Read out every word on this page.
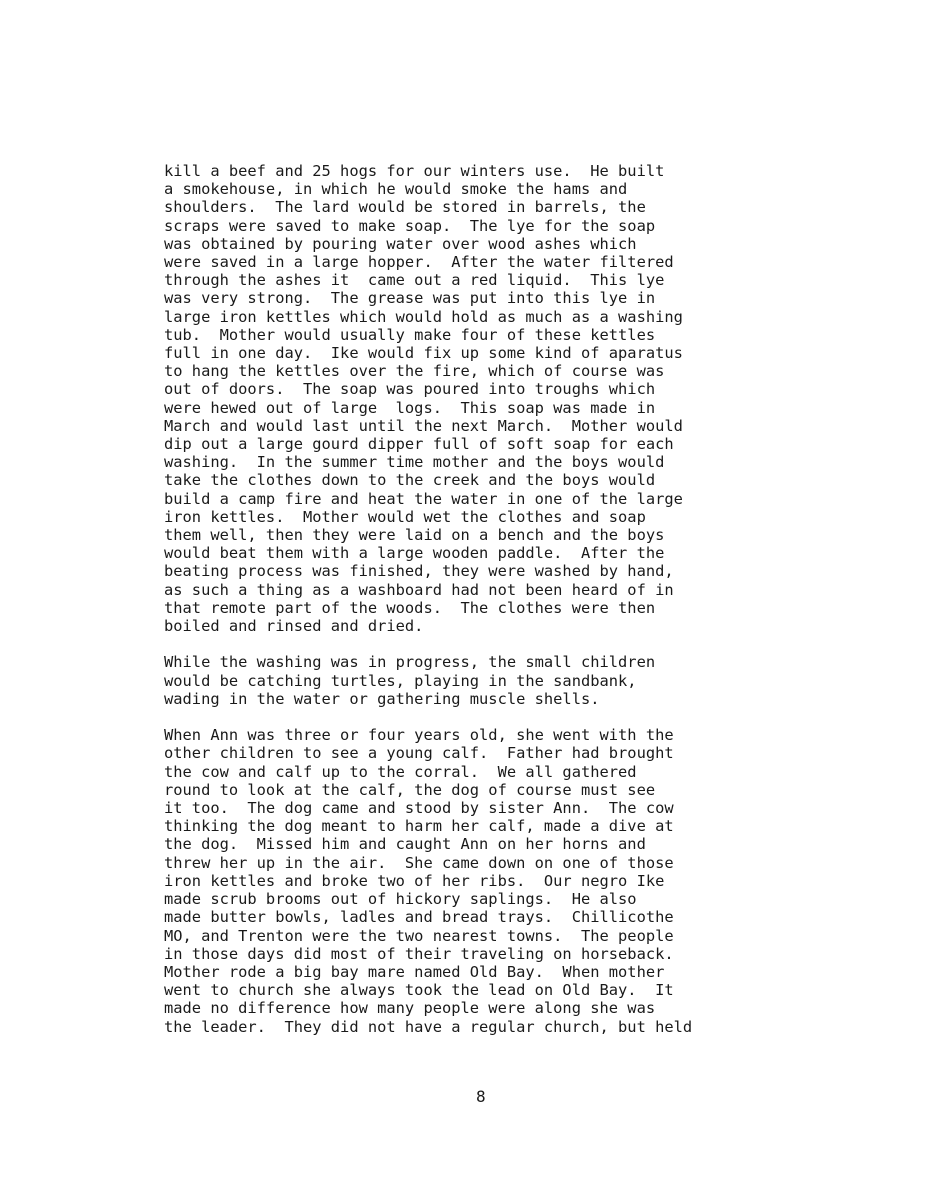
kill a beef and 25 hogs for our winters use.  He built
a smokehouse, in which he would smoke the hams and
shoulders.  The lard would be stored in barrels, the
scraps were saved to make soap.  The lye for the soap
was obtained by pouring water over wood ashes which
were saved in a large hopper.  After the water filtered
through the ashes it  came out a red liquid.  This lye
was very strong.  The grease was put into this lye in
large iron kettles which would hold as much as a washing
tub.  Mother would usually make four of these kettles
full in one day.  Ike would fix up some kind of aparatus
to hang the kettles over the fire, which of course was
out of doors.  The soap was poured into troughs which
were hewed out of large  logs.  This soap was made in
March and would last until the next March.  Mother would
dip out a large gourd dipper full of soft soap for each
washing.  In the summer time mother and the boys would
take the clothes down to the creek and the boys would
build a camp fire and heat the water in one of the large
iron kettles.  Mother would wet the clothes and soap
them well, then they were laid on a bench and the boys
would beat them with a large wooden paddle.  After the
beating process was finished, they were washed by hand,
as such a thing as a washboard had not been heard of in
that remote part of the woods.  The clothes were then
boiled and rinsed and dried.

While the washing was in progress, the small children
would be catching turtles, playing in the sandbank,
wading in the water or gathering muscle shells.

When Ann was three or four years old, she went with the
other children to see a young calf.  Father had brought
the cow and calf up to the corral.  We all gathered
round to look at the calf, the dog of course must see
it too.  The dog came and stood by sister Ann.  The cow
thinking the dog meant to harm her calf, made a dive at
the dog.  Missed him and caught Ann on her horns and
threw her up in the air.  She came down on one of those
iron kettles and broke two of her ribs.  Our negro Ike
made scrub brooms out of hickory saplings.  He also
made butter bowls, ladles and bread trays.  Chillicothe
MO, and Trenton were the two nearest towns.  The people
in those days did most of their traveling on horseback.
Mother rode a big bay mare named Old Bay.  When mother
went to church she always took the lead on Old Bay.  It
made no difference how many people were along she was
the leader.  They did not have a regular church, but held

8
